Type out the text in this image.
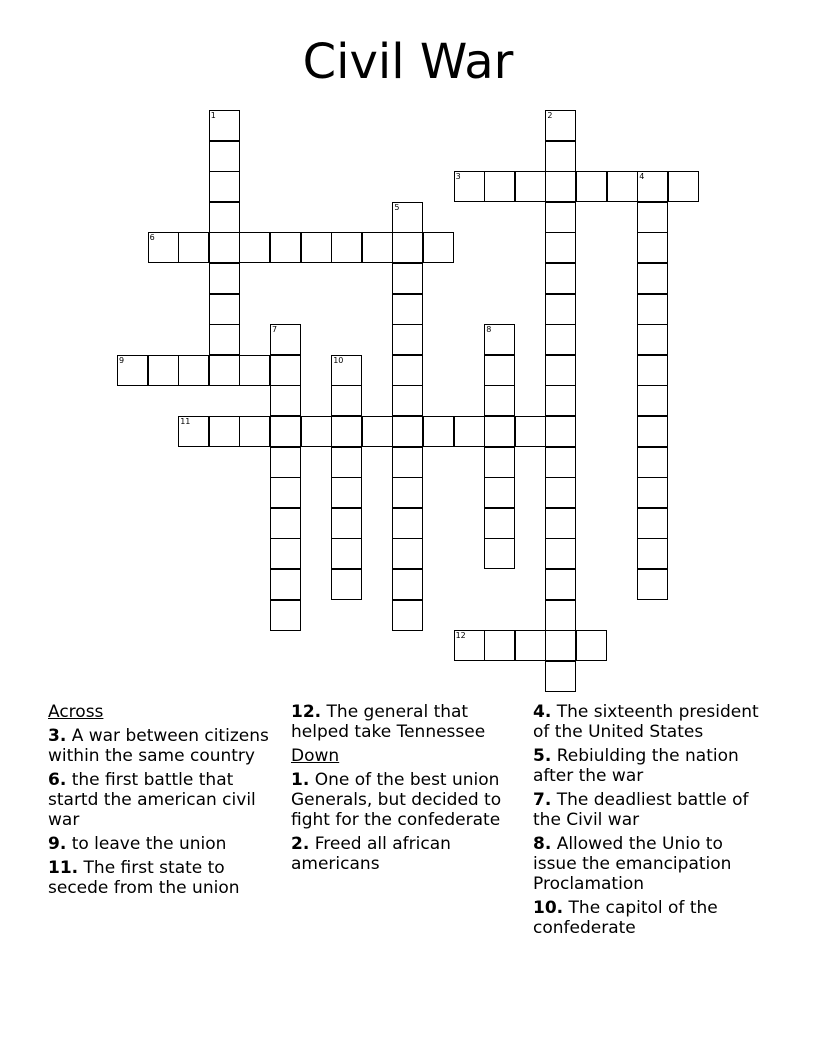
Civil War
1	2
3	4
5
6
7	8
9	10
11
12
Across
3. A war between citizens within the same country
6. the first battle that startd the american civil war
9. to leave the union
11. The first state to secede from the union
12. The general that helped take Tennessee
Down
1. One of the best union Generals, but decided to fight for the confederate
2. Freed all african americans
4. The sixteenth president of the United States
5. Rebiulding the nation after the war
7. The deadliest battle of the Civil war
8. Allowed the Unio to issue the emancipation Proclamation
10. The capitol of the confederate
